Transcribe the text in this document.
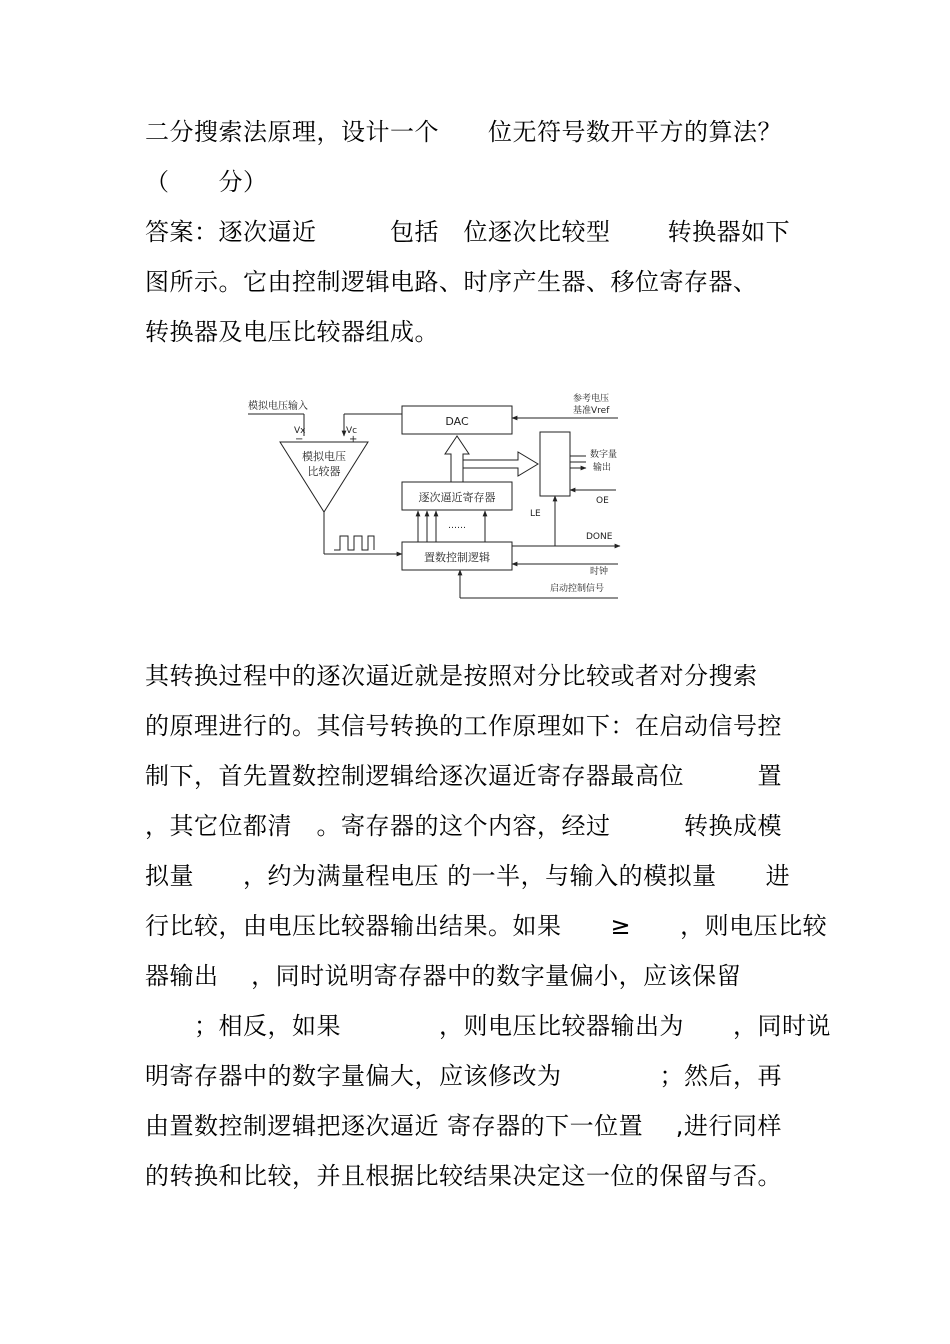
二分搜索法原理，设计一个　　位无符号数开平方的算法？
（　　分）
答案：逐次逼近　　　包括　位逐次比较型　　 转换器如下
图所示。它由控制逻辑电路、时序产生器、移位寄存器、
转换器及电压比较器组成。
模拟电压输入
Vx	Vc
−	+
模拟电压
比较器
DAC
参考电压
基准Vref
逐次逼近寄存器
数字量
输出
OE
LE
置数控制逻辑
……
DONE
时钟
启动控制信号
其转换过程中的逐次逼近就是按照对分比较或者对分搜索
的原理进行的。其信号转换的工作原理如下：在启动信号控
制下，首先置数控制逻辑给逐次逼近寄存器最高位　　　置
，其它位都清　。寄存器的这个内容，经过　　　转换成模
拟量　　，约为满量程电压 的一半，与输入的模拟量　　进
行比较，由电压比较器输出结果。如果　　≥　　，则电压比较
器输出　 ，同时说明寄存器中的数字量偏小，应该保留
　　；相反，如果　　　　，则电压比较器输出为　　，同时说
明寄存器中的数字量偏大，应该修改为　　　　；然后，再
由置数控制逻辑把逐次逼近 寄存器的下一位置　 ,进行同样
的转换和比较，并且根据比较结果决定这一位的保留与否。
